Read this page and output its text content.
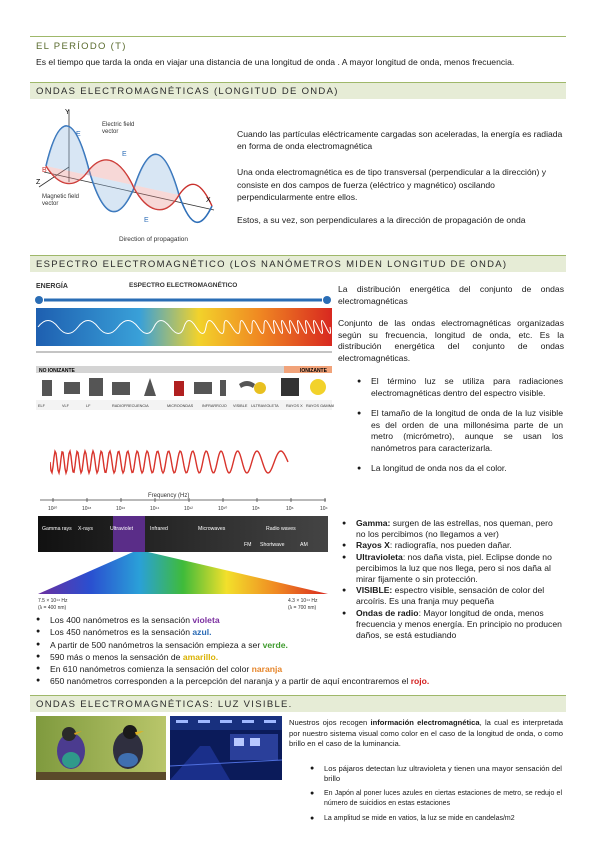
EL PERÍODO (T)
Es el tiempo que tarda la onda en viajar una distancia de una longitud de onda . A mayor longitud de onda, menos frecuencia.
ONDAS ELECTROMAGNÉTICAS (LONGITUD DE ONDA)
Y
X
Z
Electric field
vector
Magnetic field
vector
E
E
B
E
Direction of propagation
Cuando las partículas eléctricamente cargadas son aceleradas, la energía es radiada en forma de onda electromagnética
Una onda electromagnética es de tipo transversal (perpendicular a la dirección) y consiste en dos campos de fuerza (eléctrico y magnético) oscilando perpendicularmente entre ellos.
Estos, a su vez, son perpendiculares a la dirección de propagación de onda
ESPECTRO ELECTROMAGNÉTICO (LOS NANÓMETROS MIDEN LONGITUD DE ONDA)
ENERGÍA	ESPECTRO ELECTROMAGNÉTICO
NO IONIZANTE	IONIZANTE
ELF	VLF	LF	RADIOFRECUENCIA	MICROONDAS INFRARROJO VISIBLE ULTRAVIOLETA RAYOS X RAYOS GAMMA
Frequency (Hz)
10²⁰	10¹⁸	10¹⁶	10¹⁴	10¹²	10¹⁰	10⁸	10⁶	10⁴
Gamma rays X-rays	Ultraviolet	Infrared	Microwaves	Radio waves
FM Shortwave	AM
7.5 × 10¹⁴ Hz
(λ = 400 nm)
4.3 × 10¹⁴ Hz
(λ = 700 nm)
La distribución energética del conjunto de ondas electromagnéticas
Conjunto de las ondas electromagnéticas organizadas según su frecuencia, longitud de onda, etc. Es la distribución energética del conjunto de ondas electromagnéticas.
● El término luz se utiliza para radiaciones electromagnéticas dentro del espectro visible.
● El tamaño de la longitud de onda de la luz visible es del orden de una millonésima parte de un metro (micrómetro), aunque se usan los nanómetros para caracterizarla.
● La longitud de onda nos da el color.
● Gamma: surgen de las estrellas, nos queman, pero no los percibimos (no llegamos a ver)
● Rayos X: radiografía, nos pueden dañar.
● Ultravioleta: nos daña vista, piel. Eclipse donde no percibimos la luz que nos llega, pero si nos daña al mirar fijamente o sin protección.
● VISIBLE: espectro visible, sensación de color del arcoíris. Es una franja muy pequeña
● Ondas de radio: Mayor longitud de onda, menos frecuencia y menos energía. En principio no producen daños, se está estudiando
● Los 400 nanómetros es la sensación violeta
● Los 450 nanómetros es la sensación azul.
● A partir de 500 nanómetros la sensación empieza a ser verde.
● 590 más o menos la sensación de amarillo.
● En 610 nanómetros comienza la sensación del color naranja
● 650 nanómetros corresponden a la percepción del naranja y a partir de aquí encontraremos el rojo.
ONDAS ELECTROMAGNÉTICAS: LUZ VISIBLE.
Nuestros ojos recogen información electromagnética, la cual es interpretada por nuestro sistema visual como color en el caso de la longitud de onda, o como brillo en el caso de la luminancia.
● Los pájaros detectan luz ultravioleta y tienen una mayor sensación del brillo
● En Japón al poner luces azules en ciertas estaciones de metro, se redujo el número de suicidios en estas estaciones
● La amplitud se mide en vatios, la luz se mide en candelas/m2
